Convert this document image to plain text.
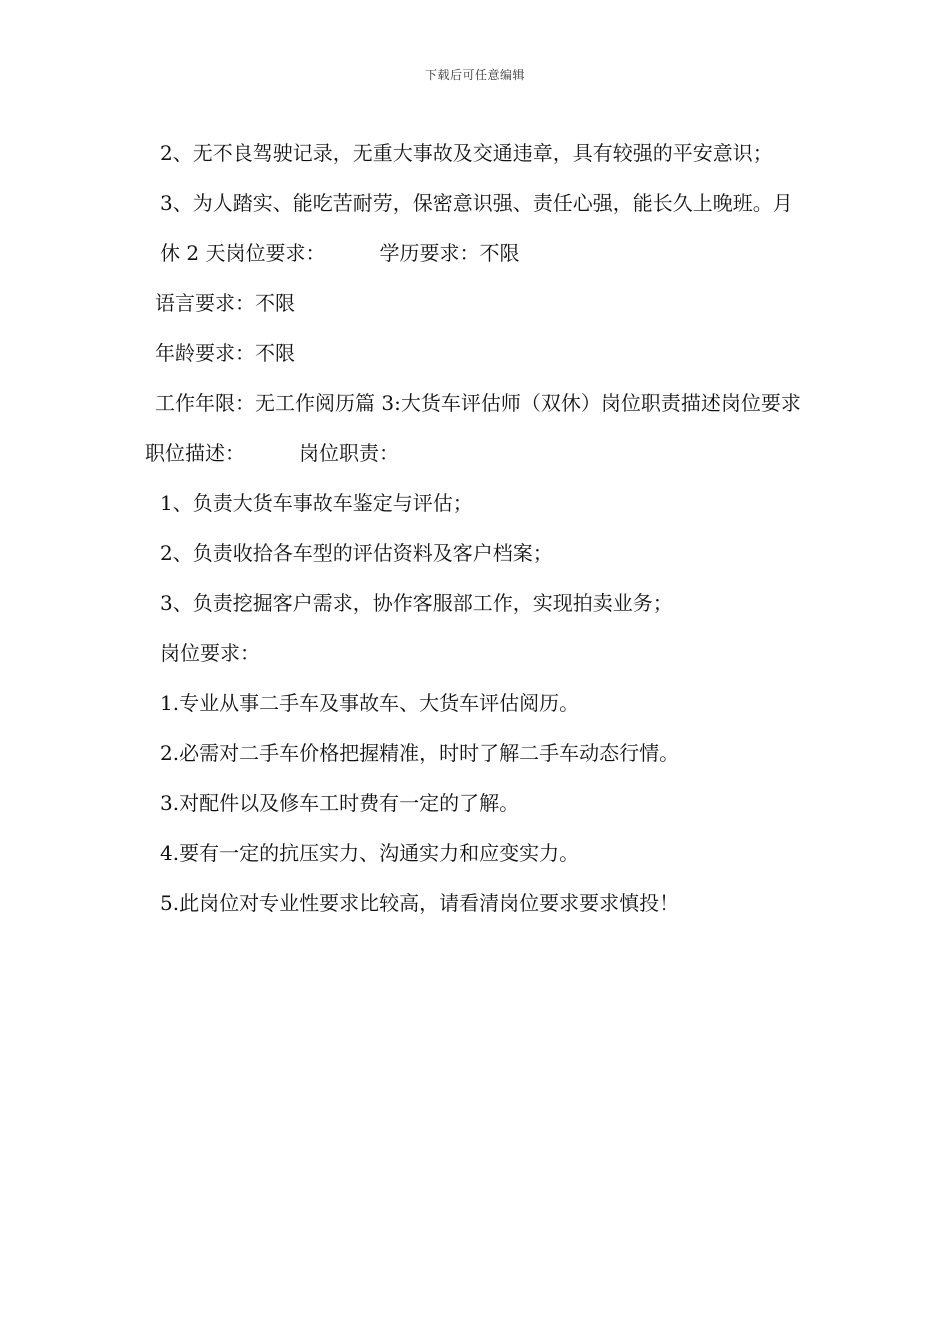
下载后可任意编辑
2、无不良驾驶记录，无重大事故及交通违章，具有较强的平安意识；
3、为人踏实、能吃苦耐劳，保密意识强、责任心强，能长久上晚班。月休 2 天岗位要求：	学历要求：不限
语言要求：不限
年龄要求：不限
工作年限：无工作阅历篇 3:大货车评估师（双休）岗位职责描述岗位要求
职位描述：	岗位职责：
1、负责大货车事故车鉴定与评估；
2、负责收拾各车型的评估资料及客户档案；
3、负责挖掘客户需求，协作客服部工作，实现拍卖业务；
岗位要求：
1.专业从事二手车及事故车、大货车评估阅历。
2.必需对二手车价格把握精准，时时了解二手车动态行情。
3.对配件以及修车工时费有一定的了解。
4.要有一定的抗压实力、沟通实力和应变实力。
5.此岗位对专业性要求比较高，请看清岗位要求要求慎投！
